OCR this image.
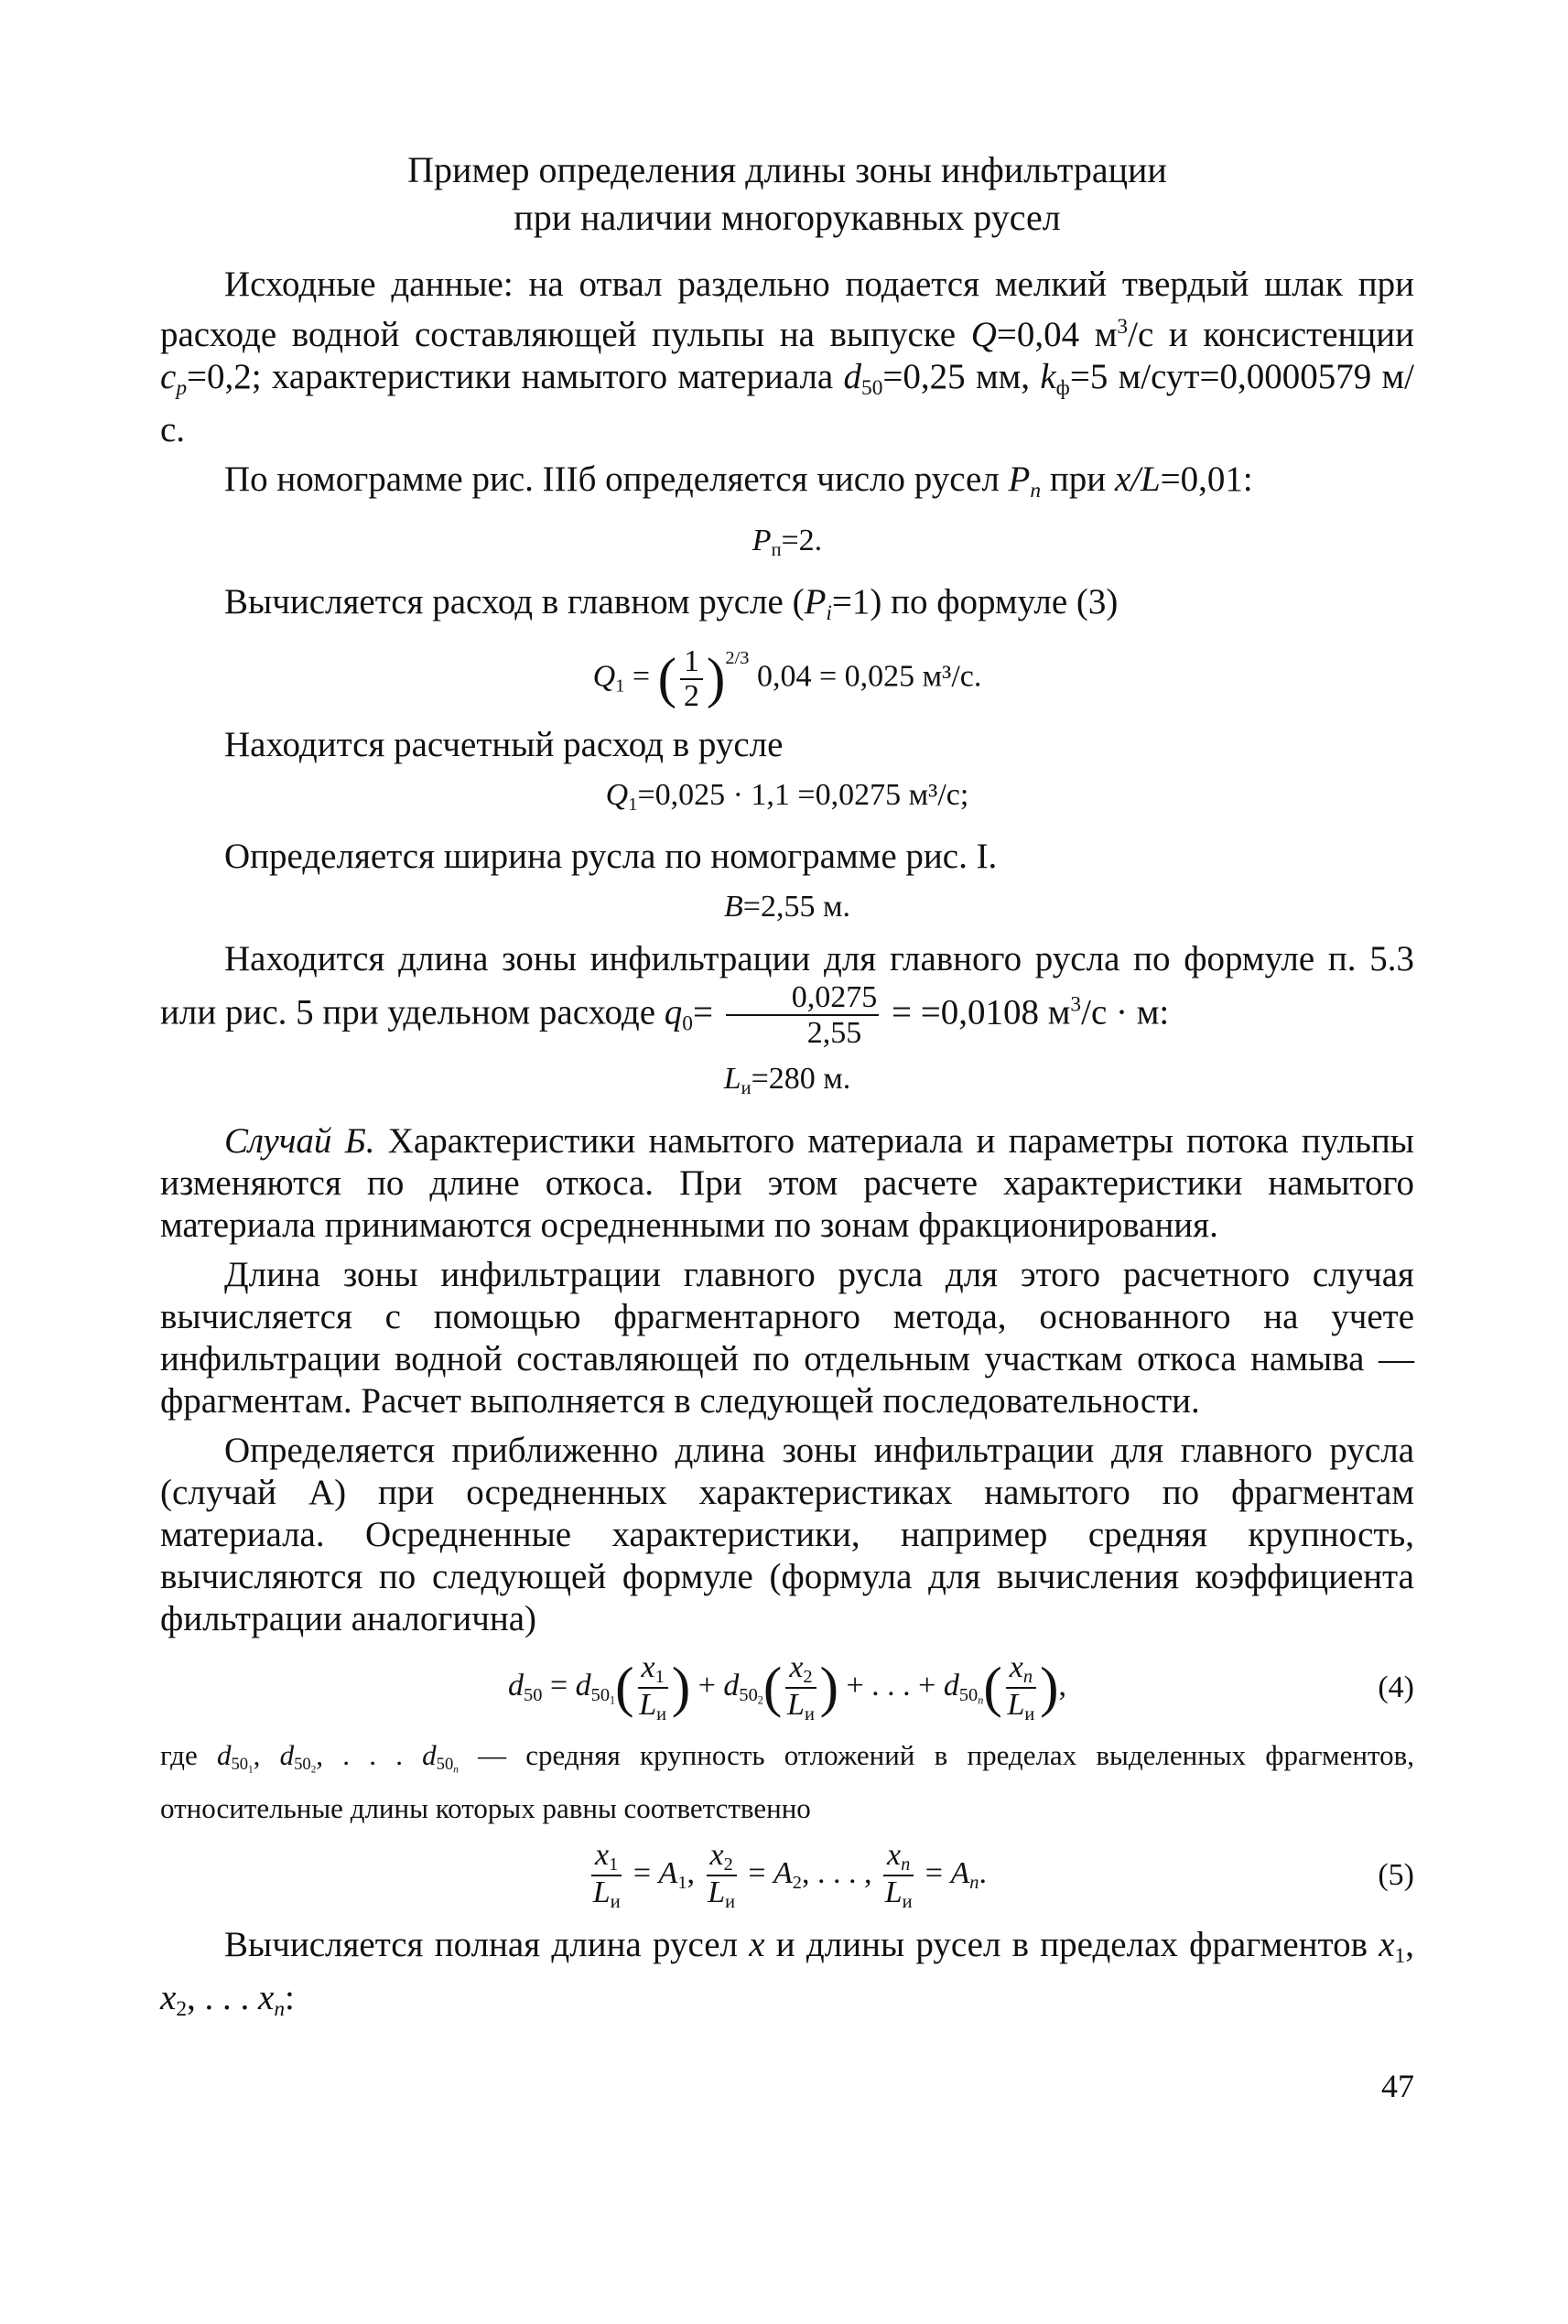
Пример определения длины зоны инфильтрации
при наличии многорукавных русел

Исходные данные: на отвал раздельно подается мелкий твердый шлак при расходе водной составляющей пульпы на выпуске Q=0,04 $м^3/с$ и консистенции $c_p=0,2$; характеристики намытого материала $d_{50}=0,25$ мм, $k_ф=5$ м/сут=0,0000579 м/с.

По номограмме рис. IIIб определяется число русел $P_n$ при x/L=0,01:

$P_п=2$.

Вычисляется расход в главном русле $(P_i=1)$ по формуле (3)

$Q_1$ = ( $\frac{1}{2} )^{2/3}$ 0,04 = 0,025 м³/с.

Находится расчетный расход в русле

$Q_1=0,025 \cdot 1,1 =0,0275$ м³/с;

Определяется ширина русла по номограмме рис. I.

B=2,55 м.

Находится длина зоны инфильтрации для главного русла по формуле п. 5.3 или рис. 5 при удельном расходе $q_0= \frac{0,0275}{2,55} = =0,0108$ $м^3/с \cdot м$:

$L_и=280$ м.

Случай Б. Характеристики намытого материала и параметры потока пульпы изменяются по длине откоса. При этом расчете характеристики намытого материала принимаются осредненными по зонам фракционирования.

Длина зоны инфильтрации главного русла для этого расчетного случая вычисляется с помощью фрагментарного метода, основанного на учете инфильтрации водной составляющей по отдельным участкам откоса намыва — фрагментам. Расчет выполняется в следующей последовательности.

Определяется приближенно длина зоны инфильтрации для главного русла (случай А) при осредненных характеристиках намытого по фрагментам материала. Осредненные характеристики, например средняя крупность, вычисляются по следующей формуле (формула для вычисления коэффициента фильтрации аналогична)

$d_{50} = d_{50_1}( \frac{x_1}{L_и}$ ) + $d_{50_2}( \frac{x_2}{L_и}$ ) + . . . + $d_{50_n}( \frac{x_n}{L_и}$ ),	(4)

где $d_{50_1}$, $d_{50_2}$, . . . $d_{50_n}$ — средняя крупность отложений в пределах выделенных фрагментов, относительные длины которых равны соответственно

$\frac{x_1}{L_и} = A_1$, $\frac{x_2}{L_и} = A_2$, . . . , $\frac{x_n}{L_и} = A_n$.	(5)

Вычисляется полная длина русел x и длины русел в пределах фрагментов $x_1$, $x_2$, . . . $x_n$:

47
